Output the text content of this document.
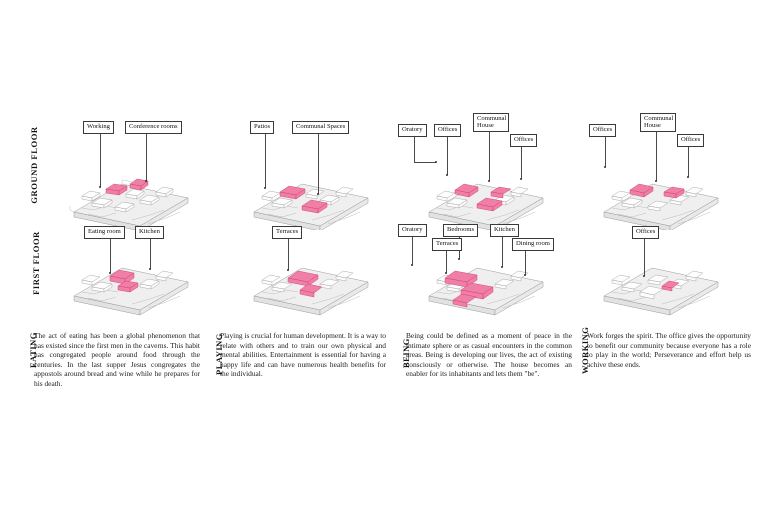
GROUND FLOOR
FIRST FLOOR
Working	Conference rooms
Eating room	Kitchen
EATING
The act of eating has been a global phenomenon that has existed since the first men in the caverns. This habit has congregated people around food through the centuries. In the last supper Jesus congregates the appostols around bread and wine while he prepares for his death.
Patios	Communal Spaces
Terraces
PLAYING
Playing is crucial for human development. It is a way to relate with others and to train our own physical and mental abilities. Entertainment is essential for having a happy life and can have numerous health benefits for the individual.
Oratory	Offices
Communal House
Offices
Oratory	Bedrooms	Kitchen
Terraces	Dining room
BEING
Being could be defined as a moment of peace in the intimate sphere or as casual encounters in the common areas. Being is developing our lives, the act of existing consciously or otherwise. The house becomes an enabler for its inhabitants and lets them "be".
Offices
Communal House
Offices
Offices
WORKING
Work forges the spirit. The office gives the opportunity to benefit our community because everyone has a role to play in the world; Perseverance and effort help us achive these ends.
